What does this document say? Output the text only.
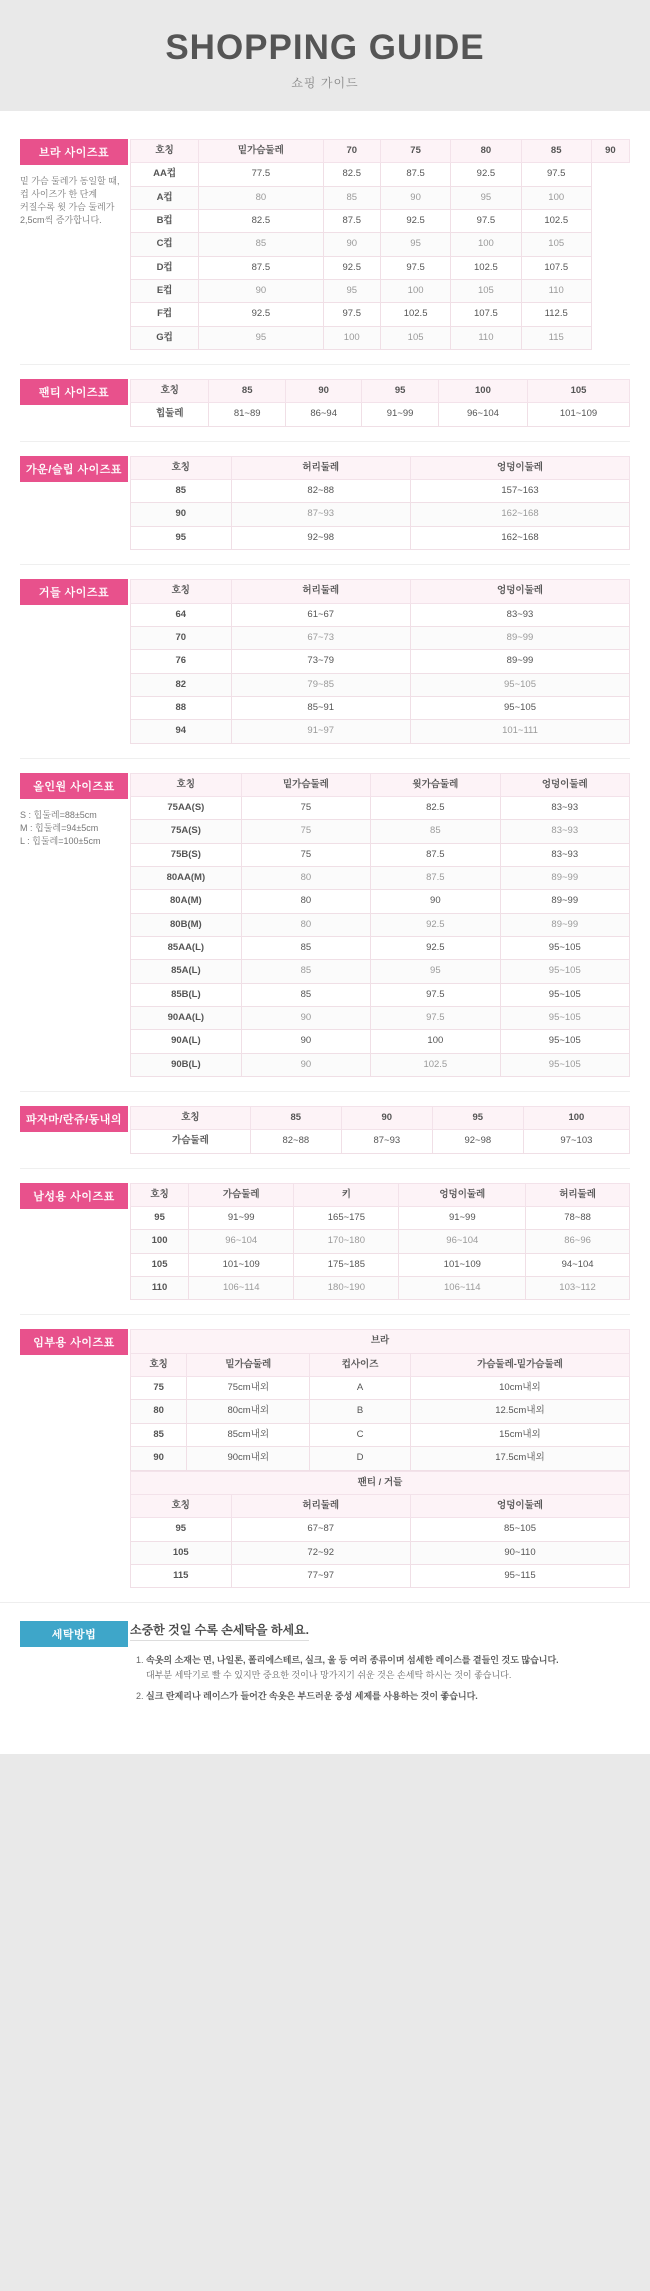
SHOPPING GUIDE
쇼핑 가이드
브라 사이즈표
밑 가슴 둘레가 동일할 때,
컵 사이즈가 한 단계
커질수록 윗 가슴 둘레가
2,5cm씩 증가합니다.
호칭	밑가슴둘레	70	75	80	85	90
AA컵	77.5	82.5	87.5	92.5	97.5	
A컵	80	85	90	95	100	
B컵	82.5	87.5	92.5	97.5	102.5	
C컵	85	90	95	100	105	
D컵	87.5	92.5	97.5	102.5	107.5	
E컵	90	95	100	105	110	
F컵	92.5	97.5	102.5	107.5	112.5	
G컵	95	100	105	110	115	
팬티 사이즈표	호칭	85	90	95	100	105
힙둘레	81~89	86~94	91~99	96~104	101~109
가운/슬립 사이즈표	호칭	허리둘레	엉덩이둘레
85	82~88	157~163
90	87~93	162~168
95	92~98	162~168
거들 사이즈표	호칭	허리둘레	엉덩이둘레
64	61~67	83~93
70	67~73	89~99
76	73~79	89~99
82	79~85	95~105
88	85~91	95~105
94	91~97	101~111
올인원 사이즈표
S : 힙둘레=88±5cm
M : 힙둘레=94±5cm
L : 힙둘레=100±5cm
호칭	밑가슴둘레	윗가슴둘레	엉덩이둘레
75AA(S)	75	82.5	83~93
75A(S)	75	85	83~93
75B(S)	75	87.5	83~93
80AA(M)	80	87.5	89~99
80A(M)	80	90	89~99
80B(M)	80	92.5	89~99
85AA(L)	85	92.5	95~105
85A(L)	85	95	95~105
85B(L)	85	97.5	95~105
90AA(L)	90	97.5	95~105
90A(L)	90	100	95~105
90B(L)	90	102.5	95~105
파자마/란쥬/동내의	호칭	85	90	95	100
가슴둘레	82~88	87~93	92~98	97~103
남성용 사이즈표	호칭	가슴둘레	키	엉덩이둘레	허리둘레
95	91~99	165~175	91~99	78~88
100	96~104	170~180	96~104	86~96
105	101~109	175~185	101~109	94~104
110	106~114	180~190	106~114	103~112
임부용 사이즈표	브라			
호칭	밑가슴둘레	컵사이즈	가슴둘레-밑가슴둘레
75	75cm내외	A	10cm내외
80	80cm내외	B	12.5cm내외
85	85cm내외	C	15cm내외
90	90cm내외	D	17.5cm내외
팬티 / 거들		
호칭	허리둘레	엉덩이둘레
95	67~87	85~105
105	72~92	90~110
115	77~97	95~115
세탁방법	소중한 것일 수록 손세탁을 하세요.
1. 속옷의 소재는 면, 나일론, 폴리에스테르, 실크, 울 등 여러 종류이며 섬세한 레이스를 곁들인 것도 많습니다.
대부분 세탁기로 빨 수 있지만 중요한 것이나 망가지기 쉬운 것은 손세탁 하시는 것이 좋습니다.
2. 실크 란제리나 레이스가 들어간 속옷은 부드러운 중성 세제를 사용하는 것이 좋습니다.
